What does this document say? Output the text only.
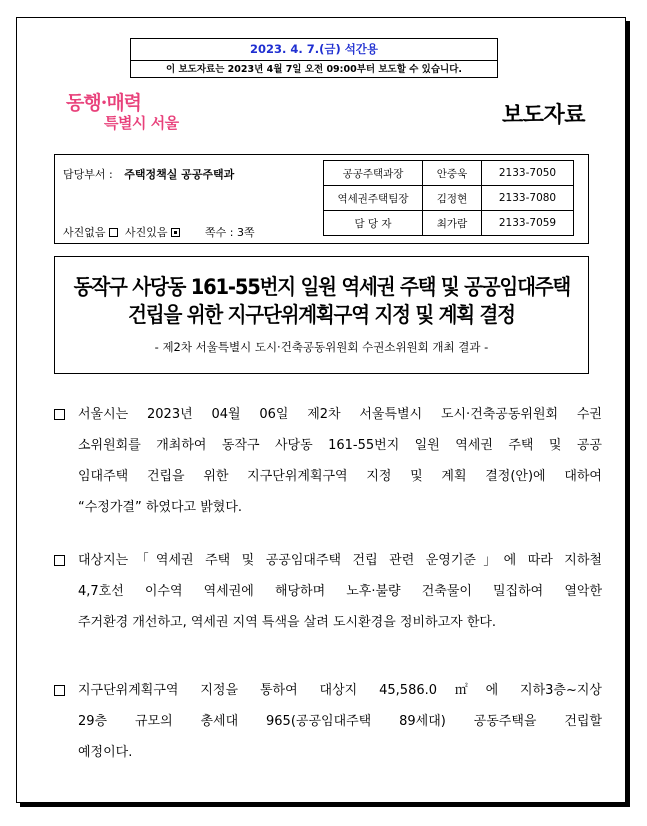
2023. 4. 7.(금) 석간용
이 보도자료는 2023년 4월 7일 오전 09:00부터 보도할 수 있습니다.
동행·매력
특별시 서울	보도자료
담당부서 : 주택정책실 공공주택과
사진없음 사진있음	쪽수 : 3쪽
공공주택과장	안중욱	2133-7050
역세권주택팀장	김정현	2133-7080
담 당 자	최가람	2133-7059
동작구 사당동 161-55번지 일원 역세권 주택 및 공공임대주택
건립을 위한 지구단위계획구역 지정 및 계획 결정
- 제2차 서울특별시 도시·건축공동위원회 수권소위원회 개최 결과 -
서울시는 2023년 04월 06일 제2차 서울특별시 도시·건축공동위원회 수권
소위원회를 개최하여 동작구 사당동 161-55번지 일원 역세권 주택 및 공공
임대주택 건립을 위한 지구단위계획구역 지정 및 계획 결정(안)에 대하여
“수정가결” 하였다고 밝혔다.
대상지는「역세권 주택 및 공공임대주택 건립 관련 운영기준」에 따라 지하철
4,7호선 이수역 역세권에 해당하며 노후·불량 건축물이 밀집하여 열악한
주거환경 개선하고, 역세권 지역 특색을 살려 도시환경을 정비하고자 한다.
지구단위계획구역 지정을 통하여 대상지 45,586.0㎡에 지하3층~지상
29층 규모의 총세대 965(공공임대주택 89세대) 공동주택을 건립할
예정이다.
